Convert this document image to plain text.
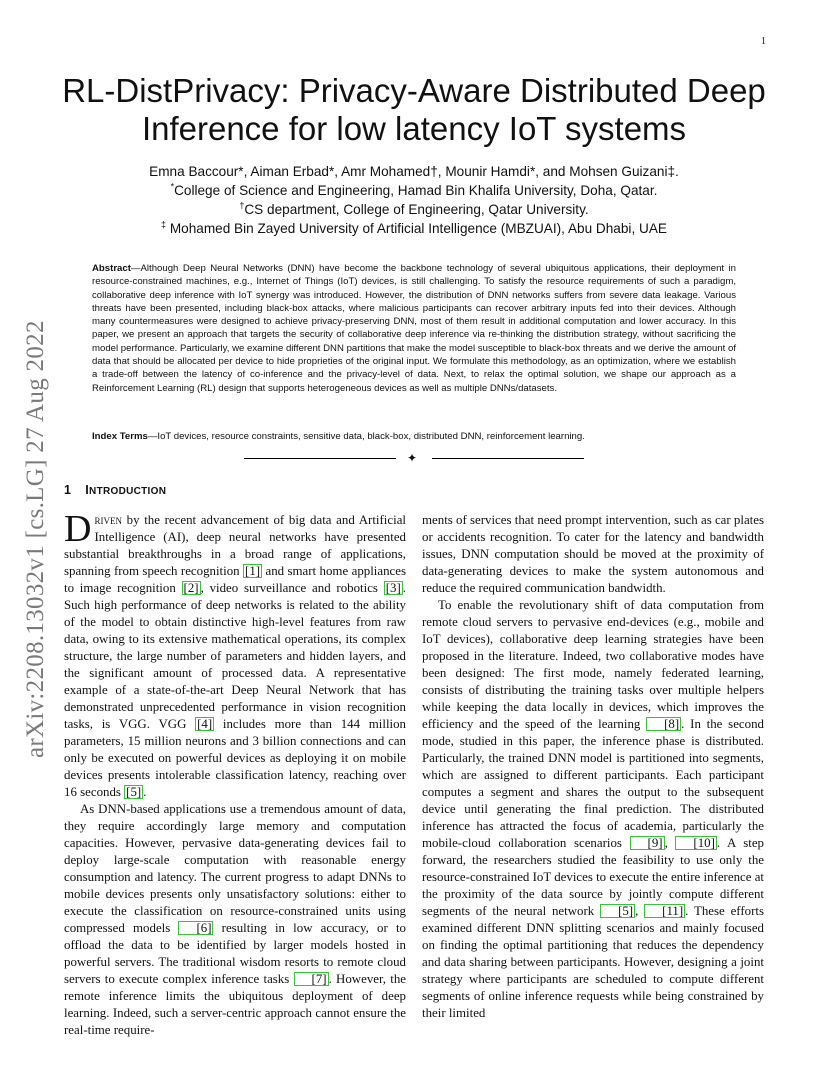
1
arXiv:2208.13032v1 [cs.LG] 27 Aug 2022
RL-DistPrivacy: Privacy-Aware Distributed Deep
Inference for low latency IoT systems
Emna Baccour*, Aiman Erbad*, Amr Mohamed†, Mounir Hamdi*, and Mohsen Guizani‡.
*College of Science and Engineering, Hamad Bin Khalifa University, Doha, Qatar.
†CS department, College of Engineering, Qatar University.
‡ Mohamed Bin Zayed University of Artificial Intelligence (MBZUAI), Abu Dhabi, UAE
Abstract—Although Deep Neural Networks (DNN) have become the backbone technology of several ubiquitous applications, their deployment in resource-constrained machines, e.g., Internet of Things (IoT) devices, is still challenging. To satisfy the resource requirements of such a paradigm, collaborative deep inference with IoT synergy was introduced. However, the distribution of DNN networks suffers from severe data leakage. Various threats have been presented, including black-box attacks, where malicious participants can recover arbitrary inputs fed into their devices. Although many countermeasures were designed to achieve privacy-preserving DNN, most of them result in additional computation and lower accuracy. In this paper, we present an approach that targets the security of collaborative deep inference via re-thinking the distribution strategy, without sacrificing the model performance. Particularly, we examine different DNN partitions that make the model susceptible to black-box threats and we derive the amount of data that should be allocated per device to hide proprieties of the original input. We formulate this methodology, as an optimization, where we establish a trade-off between the latency of co-inference and the privacy-level of data. Next, to relax the optimal solution, we shape our approach as a Reinforcement Learning (RL) design that supports heterogeneous devices as well as multiple DNNs/datasets.
Index Terms—IoT devices, resource constraints, sensitive data, black-box, distributed DNN, reinforcement learning.
✦
1 INTRODUCTION

Driven by the recent advancement of big data and Artificial Intelligence (AI), deep neural networks have presented substantial breakthroughs in a broad range of applications, spanning from speech recognition [1] and smart home appliances to image recognition [2] , video surveillance and robotics [3] . Such high performance of deep networks is related to the ability of the model to obtain distinctive high-level features from raw data, owing to its extensive mathematical operations, its complex structure, the large number of parameters and hidden layers, and the significant amount of processed data. A representative example of a state-of-the-art Deep Neural Network that has demonstrated unprecedented performance in vision recognition tasks, is VGG. VGG [4] includes more than 144 million parameters, 15 million neurons and 3 billion connections and can only be executed on powerful devices as deploying it on mobile devices presents intolerable classification latency, reaching over 16 seconds [5] .

As DNN-based applications use a tremendous amount of data, they require accordingly large memory and computation capacities. However, pervasive data-generating devices fail to deploy large-scale computation with reasonable energy consumption and latency. The current progress to adapt DNNs to mobile devices presents only unsatisfactory solutions: either to execute the classification on resource-constrained units using compressed models [6] resulting in low accuracy, or to offload the data to be identified by larger models hosted in powerful servers. The traditional wisdom resorts to remote cloud servers to execute complex inference tasks [7] . However, the remote inference limits the ubiquitous deployment of deep learning. Indeed, such a server-centric approach cannot ensure the real-time require-

ments of services that need prompt intervention, such as car plates or accidents recognition. To cater for the latency and bandwidth issues, DNN computation should be moved at the proximity of data-generating devices to make the system autonomous and reduce the required communication bandwidth.

To enable the revolutionary shift of data computation from remote cloud servers to pervasive end-devices (e.g., mobile and IoT devices), collaborative deep learning strategies have been proposed in the literature. Indeed, two collaborative modes have been designed: The first mode, namely federated learning, consists of distributing the training tasks over multiple helpers while keeping the data locally in devices, which improves the efficiency and the speed of the learning [8] . In the second mode, studied in this paper, the inference phase is distributed. Particularly, the trained DNN model is partitioned into segments, which are assigned to different participants. Each participant computes a segment and shares the output to the subsequent device until generating the final prediction. The distributed inference has attracted the focus of academia, particularly the mobile-cloud collaboration scenarios [9] , [10] . A step forward, the researchers studied the feasibility to use only the resource-constrained IoT devices to execute the entire inference at the proximity of the data source by jointly compute different segments of the neural network [5] , [11] . These efforts examined different DNN splitting scenarios and mainly focused on finding the optimal partitioning that reduces the dependency and data sharing between participants. However, designing a joint strategy where participants are scheduled to compute different segments of online inference requests while being constrained by their limited
